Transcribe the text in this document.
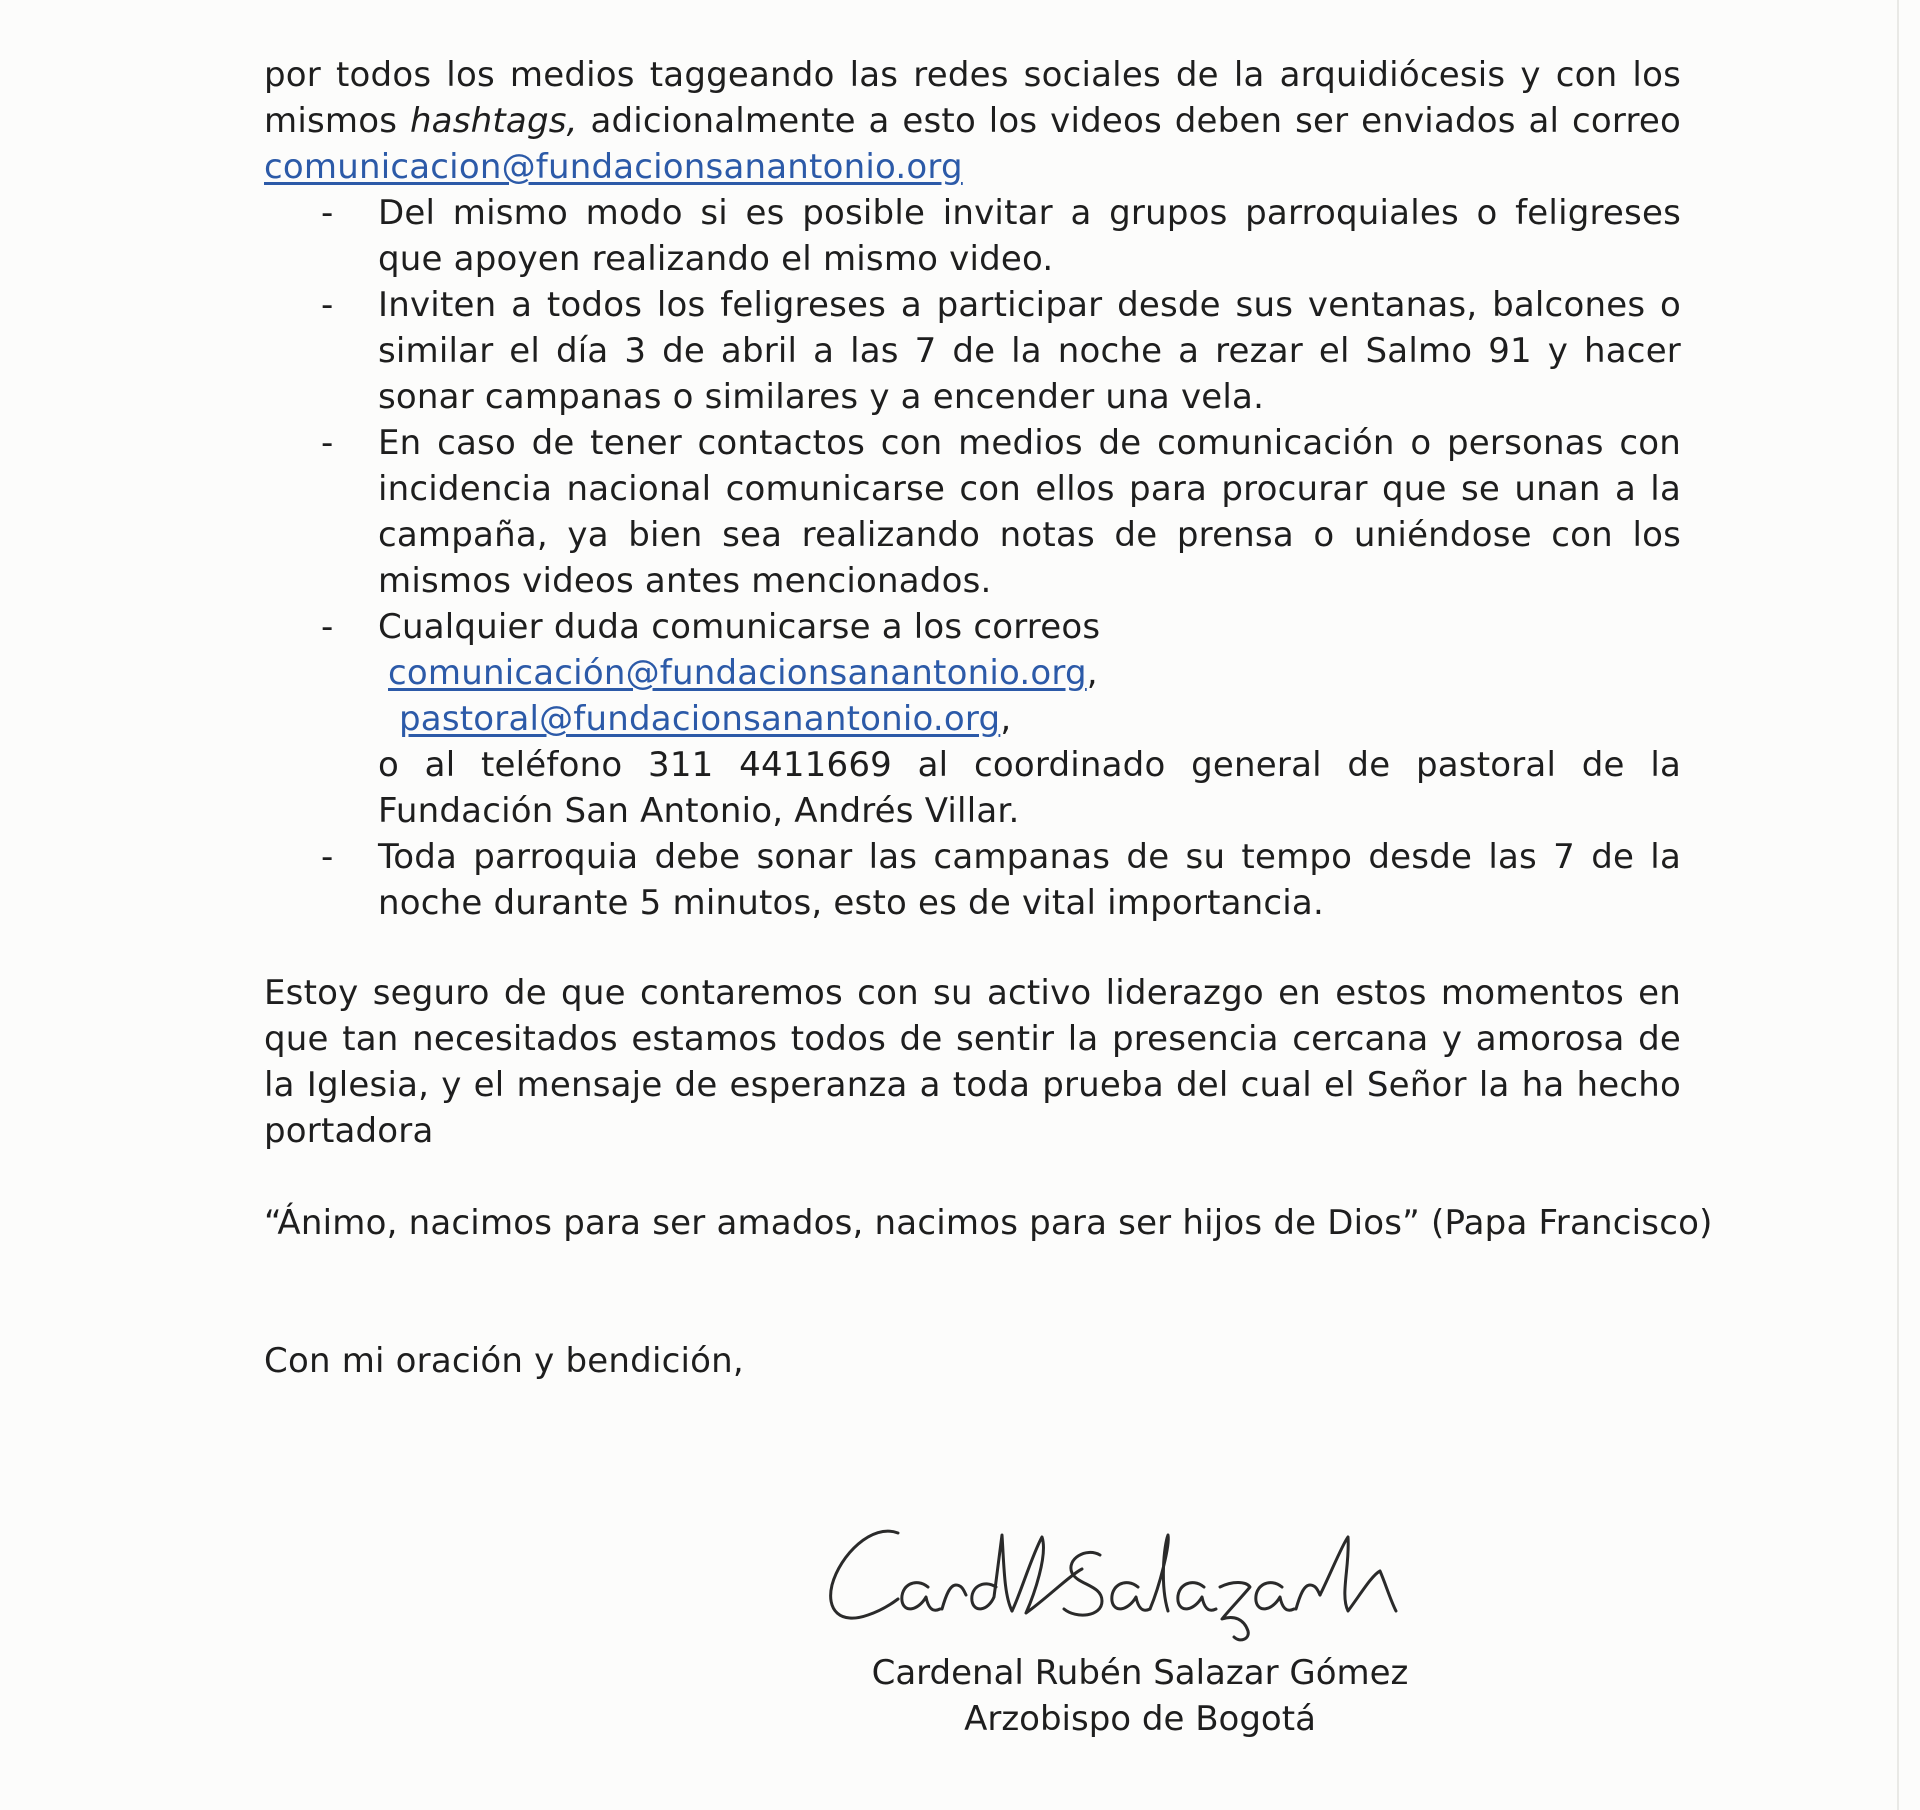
por todos los medios taggeando las redes sociales de la arquidiócesis y con los mismos hashtags, adicionalmente a esto los videos deben ser enviados al correo comunicacion@fundacionsanantonio.org

- Del mismo modo si es posible invitar a grupos parroquiales o feligreses que apoyen realizando el mismo video.
- Inviten a todos los feligreses a participar desde sus ventanas, balcones o similar el día 3 de abril a las 7 de la noche a rezar el Salmo 91 y hacer sonar campanas o similares y a encender una vela.
- En caso de tener contactos con medios de comunicación o personas con incidencia nacional comunicarse con ellos para procurar que se unan a la campaña, ya bien sea realizando notas de prensa o uniéndose con los mismos videos antes mencionados.
- Cualquier duda comunicarse a los correos
comunicación@fundacionsanantonio.org,  pastoral@fundacionsanantonio.org,
o al teléfono 311 4411669 al coordinado general de pastoral de la Fundación San Antonio, Andrés Villar.
- Toda parroquia debe sonar las campanas de su tempo desde las 7 de la noche durante 5 minutos, esto es de vital importancia.

Estoy seguro de que contaremos con su activo liderazgo en estos momentos en que tan necesitados estamos todos de sentir la presencia cercana y amorosa de la Iglesia, y el mensaje de esperanza a toda prueba del cual el Señor la ha hecho portadora

“Ánimo, nacimos para ser amados, nacimos para ser hijos de Dios” (Papa Francisco)

Con mi oración y bendición,

Cardenal Rubén Salazar Gómez
Arzobispo de Bogotá
